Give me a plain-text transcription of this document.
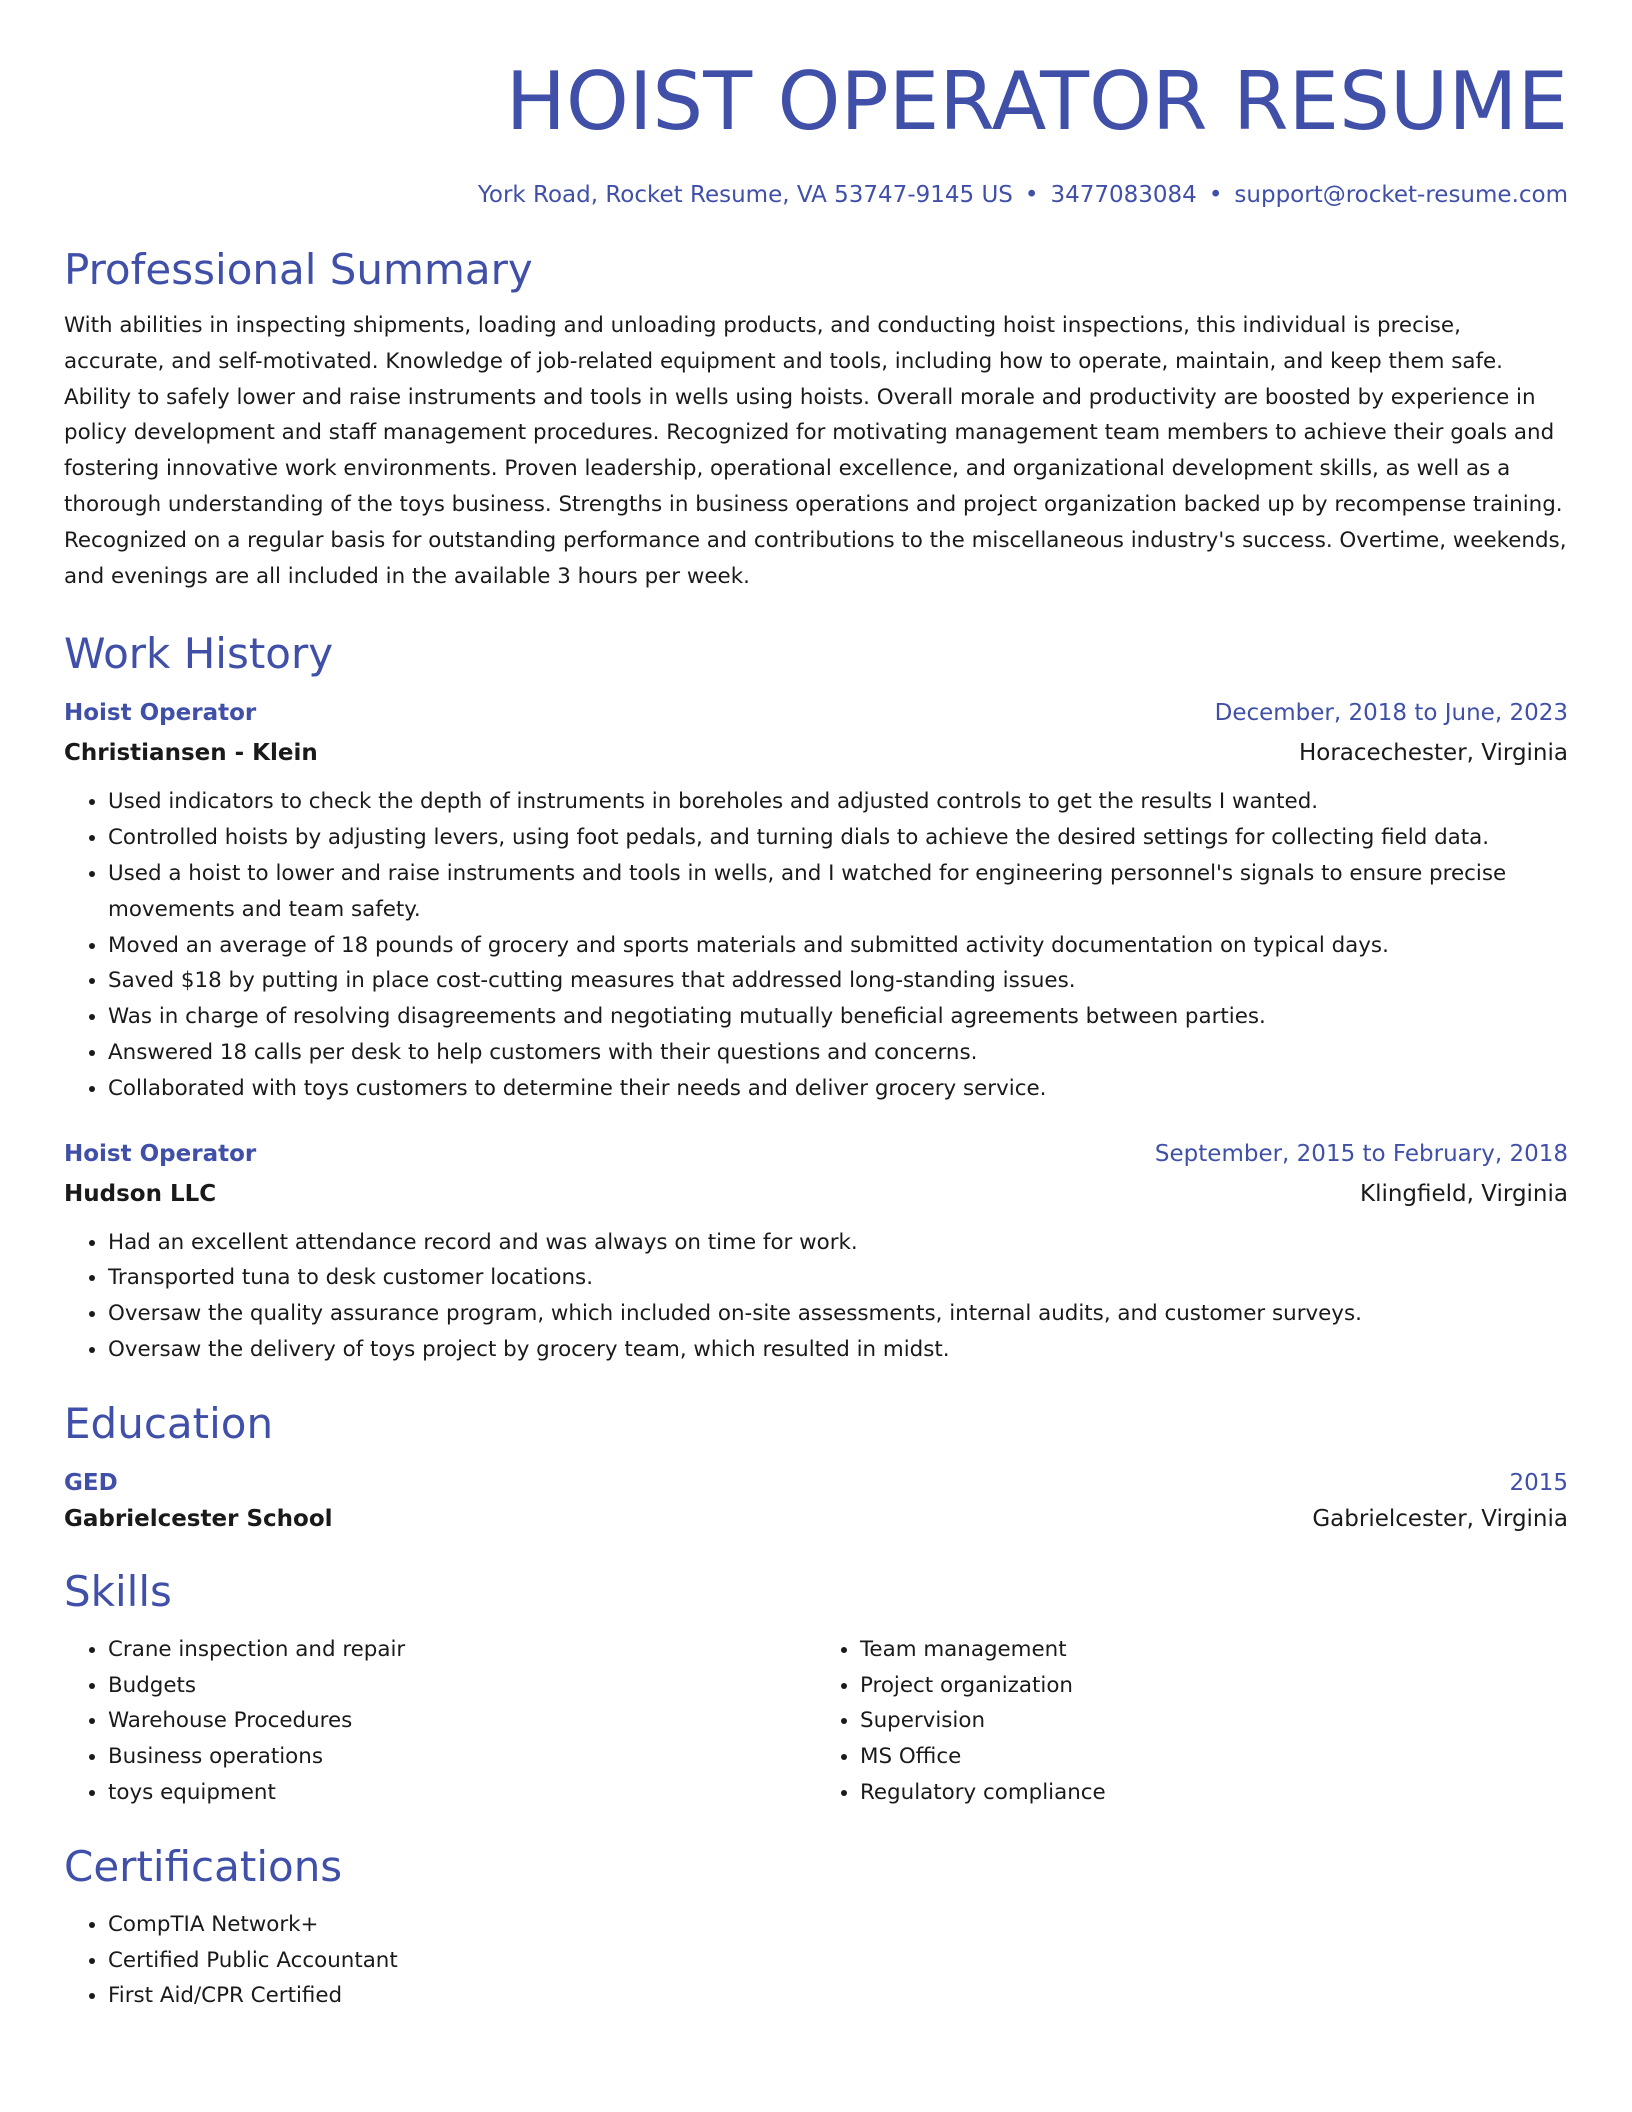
HOIST OPERATOR RESUME
York Road, Rocket Resume, VA 53747-9145 US • 3477083084 • support@rocket-resume.com
Professional Summary
With abilities in inspecting shipments, loading and unloading products, and conducting hoist inspections, this individual is precise, accurate, and self-motivated. Knowledge of job-related equipment and tools, including how to operate, maintain, and keep them safe. Ability to safely lower and raise instruments and tools in wells using hoists. Overall morale and productivity are boosted by experience in policy development and staff management procedures. Recognized for motivating management team members to achieve their goals and fostering innovative work environments. Proven leadership, operational excellence, and organizational development skills, as well as a thorough understanding of the toys business. Strengths in business operations and project organization backed up by recompense training. Recognized on a regular basis for outstanding performance and contributions to the miscellaneous industry's success. Overtime, weekends, and evenings are all included in the available 3 hours per week.
Work History
Hoist Operator	December, 2018 to June, 2023
Christiansen - Klein	Horacechester, Virginia
• Used indicators to check the depth of instruments in boreholes and adjusted controls to get the results I wanted.
• Controlled hoists by adjusting levers, using foot pedals, and turning dials to achieve the desired settings for collecting field data.
• Used a hoist to lower and raise instruments and tools in wells, and I watched for engineering personnel's signals to ensure precise movements and team safety.
• Moved an average of 18 pounds of grocery and sports materials and submitted activity documentation on typical days.
• Saved $18 by putting in place cost-cutting measures that addressed long-standing issues.
• Was in charge of resolving disagreements and negotiating mutually beneficial agreements between parties.
• Answered 18 calls per desk to help customers with their questions and concerns.
• Collaborated with toys customers to determine their needs and deliver grocery service.
Hoist Operator	September, 2015 to February, 2018
Hudson LLC	Klingfield, Virginia
• Had an excellent attendance record and was always on time for work.
• Transported tuna to desk customer locations.
• Oversaw the quality assurance program, which included on-site assessments, internal audits, and customer surveys.
• Oversaw the delivery of toys project by grocery team, which resulted in midst.
Education
GED	2015
Gabrielcester School	Gabrielcester, Virginia
Skills
• Crane inspection and repair
• Budgets
• Warehouse Procedures
• Business operations
• toys equipment
• Team management
• Project organization
• Supervision
• MS Office
• Regulatory compliance
Certifications
• CompTIA Network+
• Certified Public Accountant
• First Aid/CPR Certified
